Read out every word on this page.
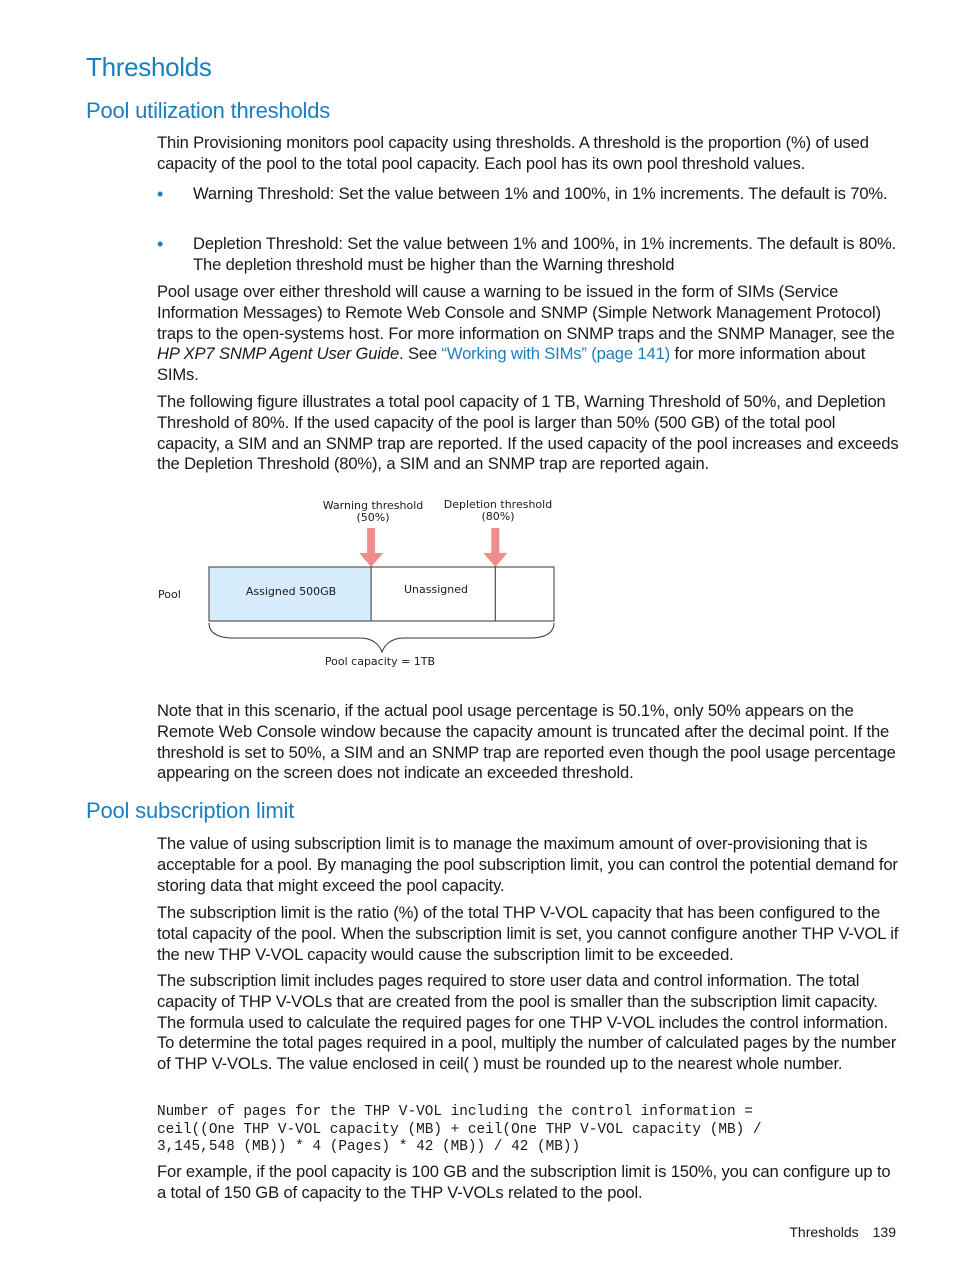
Thresholds
Pool utilization thresholds

Thin Provisioning monitors pool capacity using thresholds. A threshold is the proportion (%) of used capacity of the pool to the total pool capacity. Each pool has its own pool threshold values.

• Warning Threshold: Set the value between 1% and 100%, in 1% increments. The default is 70%.
• Depletion Threshold: Set the value between 1% and 100%, in 1% increments. The default is 80%. The depletion threshold must be higher than the Warning threshold

Pool usage over either threshold will cause a warning to be issued in the form of SIMs (Service Information Messages) to Remote Web Console and SNMP (Simple Network Management Protocol) traps to the open-systems host. For more information on SNMP traps and the SNMP Manager, see the HP XP7 SNMP Agent User Guide. See “Working with SIMs” (page 141) for more information about SIMs.

The following figure illustrates a total pool capacity of 1 TB, Warning Threshold of 50%, and Depletion Threshold of 80%. If the used capacity of the pool is larger than 50% (500 GB) of the total pool capacity, a SIM and an SNMP trap are reported. If the used capacity of the pool increases and exceeds the Depletion Threshold (80%), a SIM and an SNMP trap are reported again.

Warning threshold
(50%)
Depletion threshold
(80%)
Pool	Assigned 500GB	Unassigned
Pool capacity = 1TB

Note that in this scenario, if the actual pool usage percentage is 50.1%, only 50% appears on the Remote Web Console window because the capacity amount is truncated after the decimal point. If the threshold is set to 50%, a SIM and an SNMP trap are reported even though the pool usage percentage appearing on the screen does not indicate an exceeded threshold.

Pool subscription limit

The value of using subscription limit is to manage the maximum amount of over-provisioning that is acceptable for a pool. By managing the pool subscription limit, you can control the potential demand for storing data that might exceed the pool capacity.

The subscription limit is the ratio (%) of the total THP V-VOL capacity that has been configured to the total capacity of the pool. When the subscription limit is set, you cannot configure another THP V-VOL if the new THP V-VOL capacity would cause the subscription limit to be exceeded.

The subscription limit includes pages required to store user data and control information. The total capacity of THP V-VOLs that are created from the pool is smaller than the subscription limit capacity. The formula used to calculate the required pages for one THP V-VOL includes the control information. To determine the total pages required in a pool, multiply the number of calculated pages by the number of THP V-VOLs. The value enclosed in ceil( ) must be rounded up to the nearest whole number.

Number of pages for the THP V-VOL including the control information =
ceil((One THP V-VOL capacity (MB) + ceil(One THP V-VOL capacity (MB) /
3,145,548 (MB)) * 4 (Pages) * 42 (MB)) / 42 (MB))

For example, if the pool capacity is 100 GB and the subscription limit is 150%, you can configure up to a total of 150 GB of capacity to the THP V-VOLs related to the pool.

Thresholds 139
